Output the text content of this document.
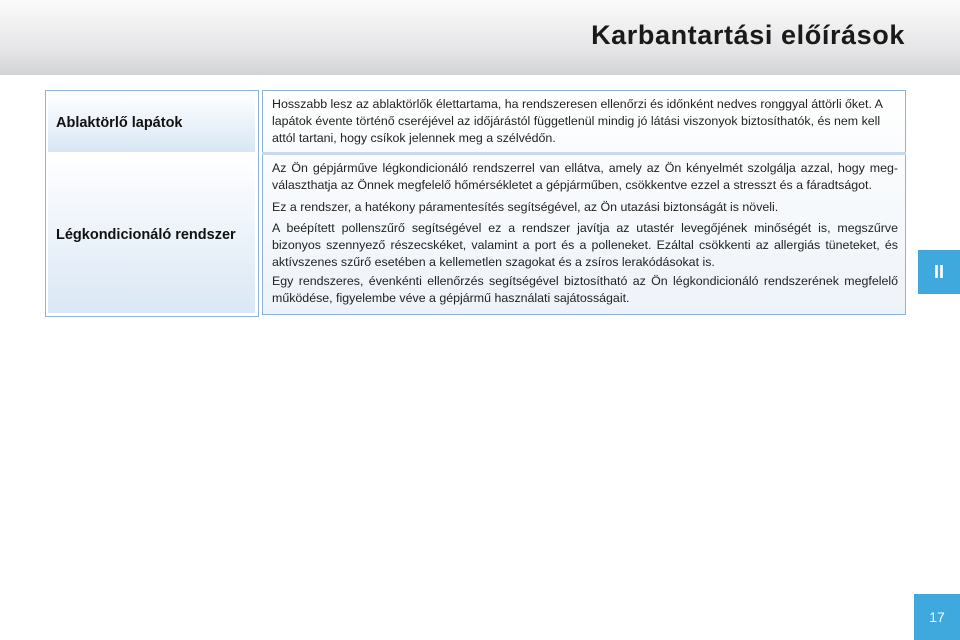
Karbantartási előírások
Ablaktörlő lapátok
Légkondicionáló rendszer

Hosszabb lesz az ablaktörlők élettartama, ha rendszeresen ellenőrzi és időnként nedves ronggyal áttörli őket. A lapátok évente történő cseréjével az időjárástól függetlenül mindig jó látási viszonyok biztosíthatók, és nem kell attól tartani, hogy csíkok jelennek meg a szélvédőn.

Az Ön gépjárműve légkondicionáló rendszerrel van ellátva, amely az Ön kényelmét szolgálja azzal, hogy megválaszthatja az Önnek megfelelő hőmérsékletet a gépjárműben, csökkentve ezzel a stresszt és a fáradtságot.

Ez a rendszer, a hatékony páramentesítés segítségével, az Ön utazási biztonságát is növeli.

A beépített pollenszűrő segítségével ez a rendszer javítja az utastér levegőjének minőségét is, megszűrve bizonyos szennyező részecskéket, valamint a port és a polleneket. Ezáltal csökkenti az allergiás tüneteket, és aktívszenes szűrő esetében a kellemetlen szagokat és a zsíros lerakódásokat is.

Egy rendszeres, évenkénti ellenőrzés segítségével biztosítható az Ön légkondicionáló rendszerének megfelelő működése, figyelembe véve a gépjármű használati sajátosságait.

II
17
